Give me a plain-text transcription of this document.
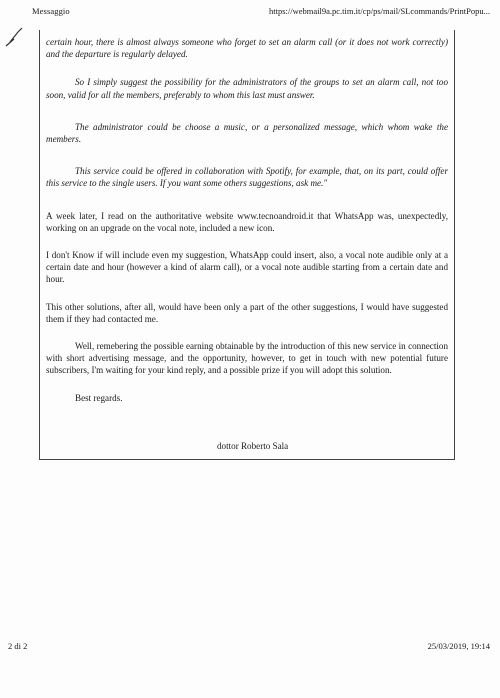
Messaggio	https://webmail9a.pc.tim.it/cp/ps/mail/SLcommands/PrintPopu...

certain hour, there is almost always someone who forget to set an alarm call (or it does not work correctly) and the departure is regularly delayed.

So I simply suggest the possibility for the administrators of the groups to set an alarm call, not too soon, valid for all the members, preferably to whom this last must answer.

The administrator could be choose a music, or a personalized message, which whom wake the members.

This service could be offered in collaboration with Spotify, for example, that, on its part, could offer this service to the single users. If you want some others suggestions, ask me."

A week later, I read on the authoritative website www.tecnoandroid.it that WhatsApp was, unexpectedly, working on an upgrade on the vocal note, included a new icon.

I don't Know if will include even my suggestion, WhatsApp could insert, also, a vocal note audible only at a certain date and hour (however a kind of alarm call), or a vocal note audible starting from a certain date and hour.

This other solutions, after all, would have been only a part of the other suggestions, I would have suggested them if they had contacted me.

Well, remebering the possible earning obtainable by the introduction of this new service in connection with short advertising message, and the opportunity, however, to get in touch with new potential future subscribers, I'm waiting for your kind reply, and a possible prize if you will adopt this solution.

Best regards.

dottor Roberto Sala
2 di 2	25/03/2019, 19:14
